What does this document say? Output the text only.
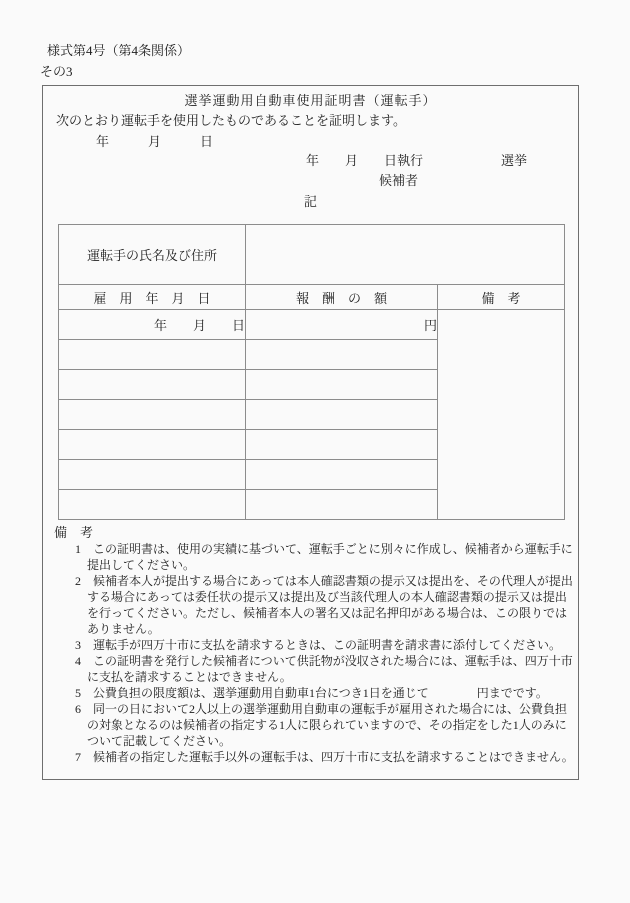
様式第4号（第4条関係）
その3
選挙運動用自動車使用証明書（運転手）
次のとおり運転手を使用したものであることを証明します。
年　　　月　　　日
年　　月　　日執行	選挙
候補者
記
運転手の氏名及び住所		
雇　用　年　月　日	報　酬　の　額	備　考
年　　月　　日	円	

備　考
1　この証明書は、使用の実績に基づいて、運転手ごとに別々に作成し、候補者から運転手に提出してください。
2　候補者本人が提出する場合にあっては本人確認書類の提示又は提出を、その代理人が提出する場合にあっては委任状の提示又は提出及び当該代理人の本人確認書類の提示又は提出を行ってください。ただし、候補者本人の署名又は記名押印がある場合は、この限りではありません。
3　運転手が四万十市に支払を請求するときは、この証明書を請求書に添付してください。
4　この証明書を発行した候補者について供託物が没収された場合には、運転手は、四万十市に支払を請求することはできません。
5　公費負担の限度額は、選挙運動用自動車1台につき1日を通じて　　　　円までです。
6　同一の日において2人以上の選挙運動用自動車の運転手が雇用された場合には、公費負担の対象となるのは候補者の指定する1人に限られていますので、その指定をした1人のみについて記載してください。
7　候補者の指定した運転手以外の運転手は、四万十市に支払を請求することはできません。
